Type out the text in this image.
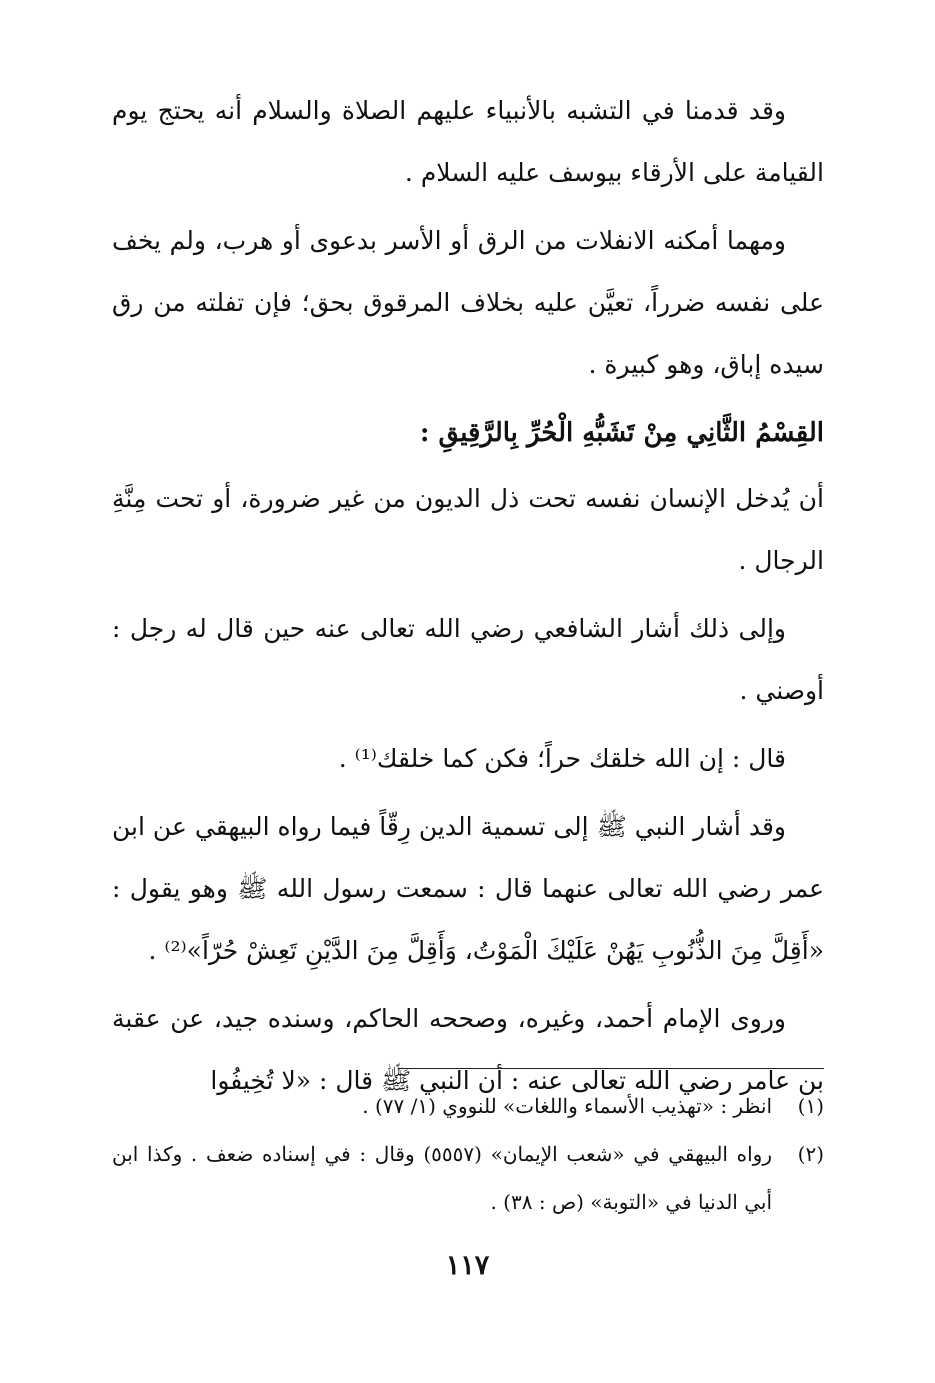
وقد قدمنا في التشبه بالأنبياء عليهم الصلاة والسلام أنه يحتج يوم القيامة على الأرقاء بيوسف عليه السلام .

ومهما أمكنه الانفلات من الرق أو الأسر بدعوى أو هرب، ولم يخف على نفسه ضرراً، تعيَّن عليه بخلاف المرقوق بحق؛ فإن تفلته من رق سيده إباق، وهو كبيرة .

القِسْمُ الثَّانِي مِنْ تَشَبُّهِ الْحُرِّ بِالرَّقِيقِ :

أن يُدخل الإنسان نفسه تحت ذل الديون من غير ضرورة، أو تحت مِنَّةِ الرجال .

وإلى ذلك أشار الشافعي رضي الله تعالى عنه حين قال له رجل : أوصني .

قال : إن الله خلقك حراً؛ فكن كما خلقك⁽¹⁾ .

وقد أشار النبي ﷺ إلى تسمية الدين رِقّاً فيما رواه البيهقي عن ابن عمر رضي الله تعالى عنهما قال : سمعت رسول الله ﷺ وهو يقول : «أَقِلَّ مِنَ الذُّنُوبِ يَهُنْ عَلَيْكَ الْمَوْتُ، وَأَقِلَّ مِنَ الدَّيْنِ تَعِشْ حُرّاً»⁽²⁾ .

وروى الإمام أحمد، وغيره، وصححه الحاكم، وسنده جيد، عن عقبة بن عامر رضي الله تعالى عنه : أن النبي ﷺ قال : «لا تُخِيفُوا

(١)
انظر : «تهذيب الأسماء واللغات» للنووي (١/ ٧٧) .
(٢)
رواه البيهقي في «شعب الإيمان» (٥٥٥٧) وقال : في إسناده ضعف . وكذا ابن أبي الدنيا في «التوبة» (ص : ٣٨) .
١١٧
